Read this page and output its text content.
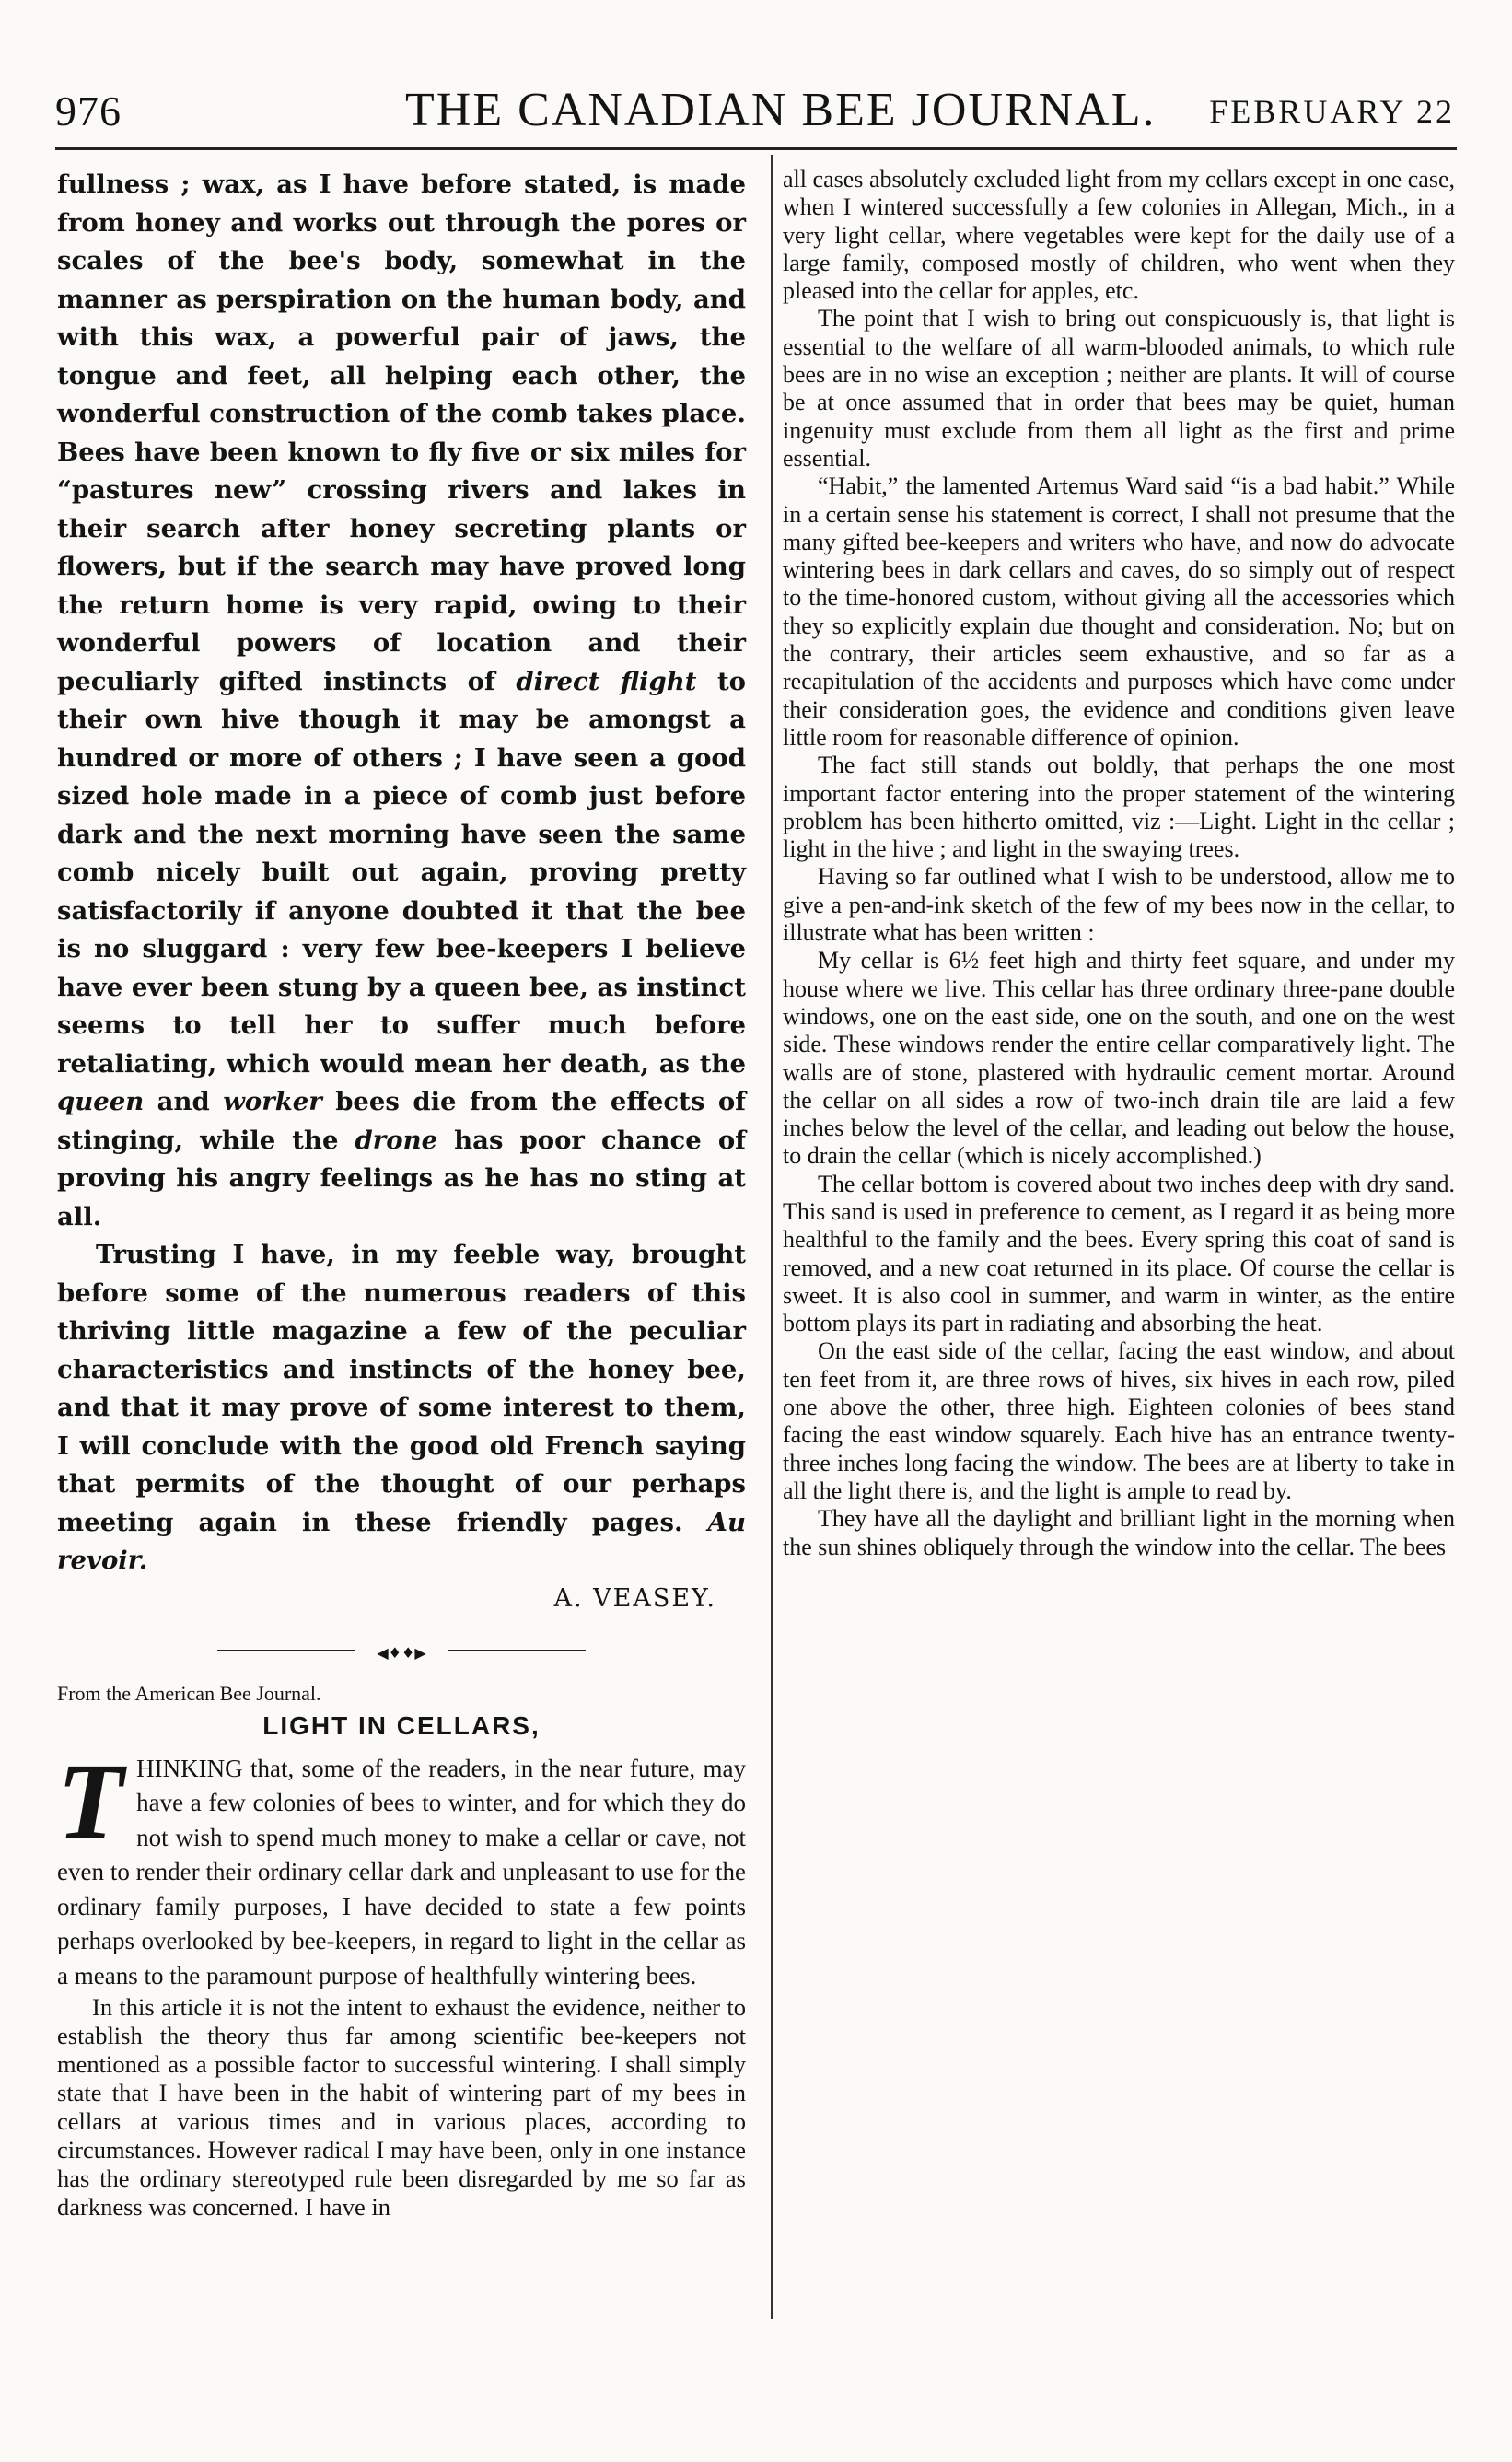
976	THE CANADIAN BEE JOURNAL. FEBRUARY 22

fullness ; wax, as I have before stated, is made from honey and works out through the pores or scales of the bee's body, somewhat in the manner as perspiration on the human body, and with this wax, a powerful pair of jaws, the tongue and feet, all helping each other, the wonderful construction of the comb takes place. Bees have been known to fly five or six miles for “pastures new” crossing rivers and lakes in their search after honey secreting plants or flowers, but if the search may have proved long the return home is very rapid, owing to their wonderful powers of location and their peculiarly gifted instincts of direct flight to their own hive though it may be amongst a hundred or more of others ; I have seen a good sized hole made in a piece of comb just before dark and the next morning have seen the same comb nicely built out again, proving pretty satisfactorily if anyone doubted it that the bee is no sluggard : very few bee-keepers I believe have ever been stung by a queen bee, as instinct seems to tell her to suffer much before retaliating, which would mean her death, as the queen and worker bees die from the effects of stinging, while the drone has poor chance of proving his angry feelings as he has no sting at all.

Trusting I have, in my feeble way, brought before some of the numerous readers of this thriving little magazine a few of the peculiar characteristics and instincts of the honey bee, and that it may prove of some interest to them, I will conclude with the good old French saying that permits of the thought of our perhaps meeting again in these friendly pages. Au revoir.

A. VEASEY.

◀♦♦▶

From the American Bee Journal.

LIGHT IN CELLARS,

THINKING that, some of the readers, in the near future, may have a few colonies of bees to winter, and for which they do not wish to spend much money to make a cellar or cave, not even to render their ordinary cellar dark and unpleasant to use for the ordinary family purposes, I have decided to state a few points perhaps overlooked by bee-keepers, in regard to light in the cellar as a means to the paramount purpose of healthfully wintering bees.

In this article it is not the intent to exhaust the evidence, neither to establish the theory thus far among scientific bee-keepers not mentioned as a possible factor to successful wintering. I shall simply state that I have been in the habit of wintering part of my bees in cellars at various times and in various places, according to circumstances. However radical I may have been, only in one instance has the ordinary stereotyped rule been disregarded by me so far as darkness was concerned. I have in

all cases absolutely excluded light from my cellars except in one case, when I wintered successfully a few colonies in Allegan, Mich., in a very light cellar, where vegetables were kept for the daily use of a large family, composed mostly of children, who went when they pleased into the cellar for apples, etc.

The point that I wish to bring out conspicuously is, that light is essential to the welfare of all warm-blooded animals, to which rule bees are in no wise an exception ; neither are plants. It will of course be at once assumed that in order that bees may be quiet, human ingenuity must exclude from them all light as the first and prime essential.

“Habit,” the lamented Artemus Ward said “is a bad habit.” While in a certain sense his statement is correct, I shall not presume that the many gifted bee-keepers and writers who have, and now do advocate wintering bees in dark cellars and caves, do so simply out of respect to the time-honored custom, without giving all the accessories which they so explicitly explain due thought and consideration. No; but on the contrary, their articles seem exhaustive, and so far as a recapitulation of the accidents and purposes which have come under their consideration goes, the evidence and conditions given leave little room for reasonable difference of opinion.

The fact still stands out boldly, that perhaps the one most important factor entering into the proper statement of the wintering problem has been hitherto omitted, viz :—Light. Light in the cellar ; light in the hive ; and light in the swaying trees.

Having so far outlined what I wish to be understood, allow me to give a pen-and-ink sketch of the few of my bees now in the cellar, to illustrate what has been written :

My cellar is 6½ feet high and thirty feet square, and under my house where we live. This cellar has three ordinary three-pane double windows, one on the east side, one on the south, and one on the west side. These windows render the entire cellar comparatively light. The walls are of stone, plastered with hydraulic cement mortar. Around the cellar on all sides a row of two-inch drain tile are laid a few inches below the level of the cellar, and leading out below the house, to drain the cellar (which is nicely accomplished.)

The cellar bottom is covered about two inches deep with dry sand. This sand is used in preference to cement, as I regard it as being more healthful to the family and the bees. Every spring this coat of sand is removed, and a new coat returned in its place. Of course the cellar is sweet. It is also cool in summer, and warm in winter, as the entire bottom plays its part in radiating and absorbing the heat.

On the east side of the cellar, facing the east window, and about ten feet from it, are three rows of hives, six hives in each row, piled one above the other, three high. Eighteen colonies of bees stand facing the east window squarely. Each hive has an entrance twenty-three inches long facing the window. The bees are at liberty to take in all the light there is, and the light is ample to read by.

They have all the daylight and brilliant light in the morning when the sun shines obliquely through the window into the cellar. The bees
